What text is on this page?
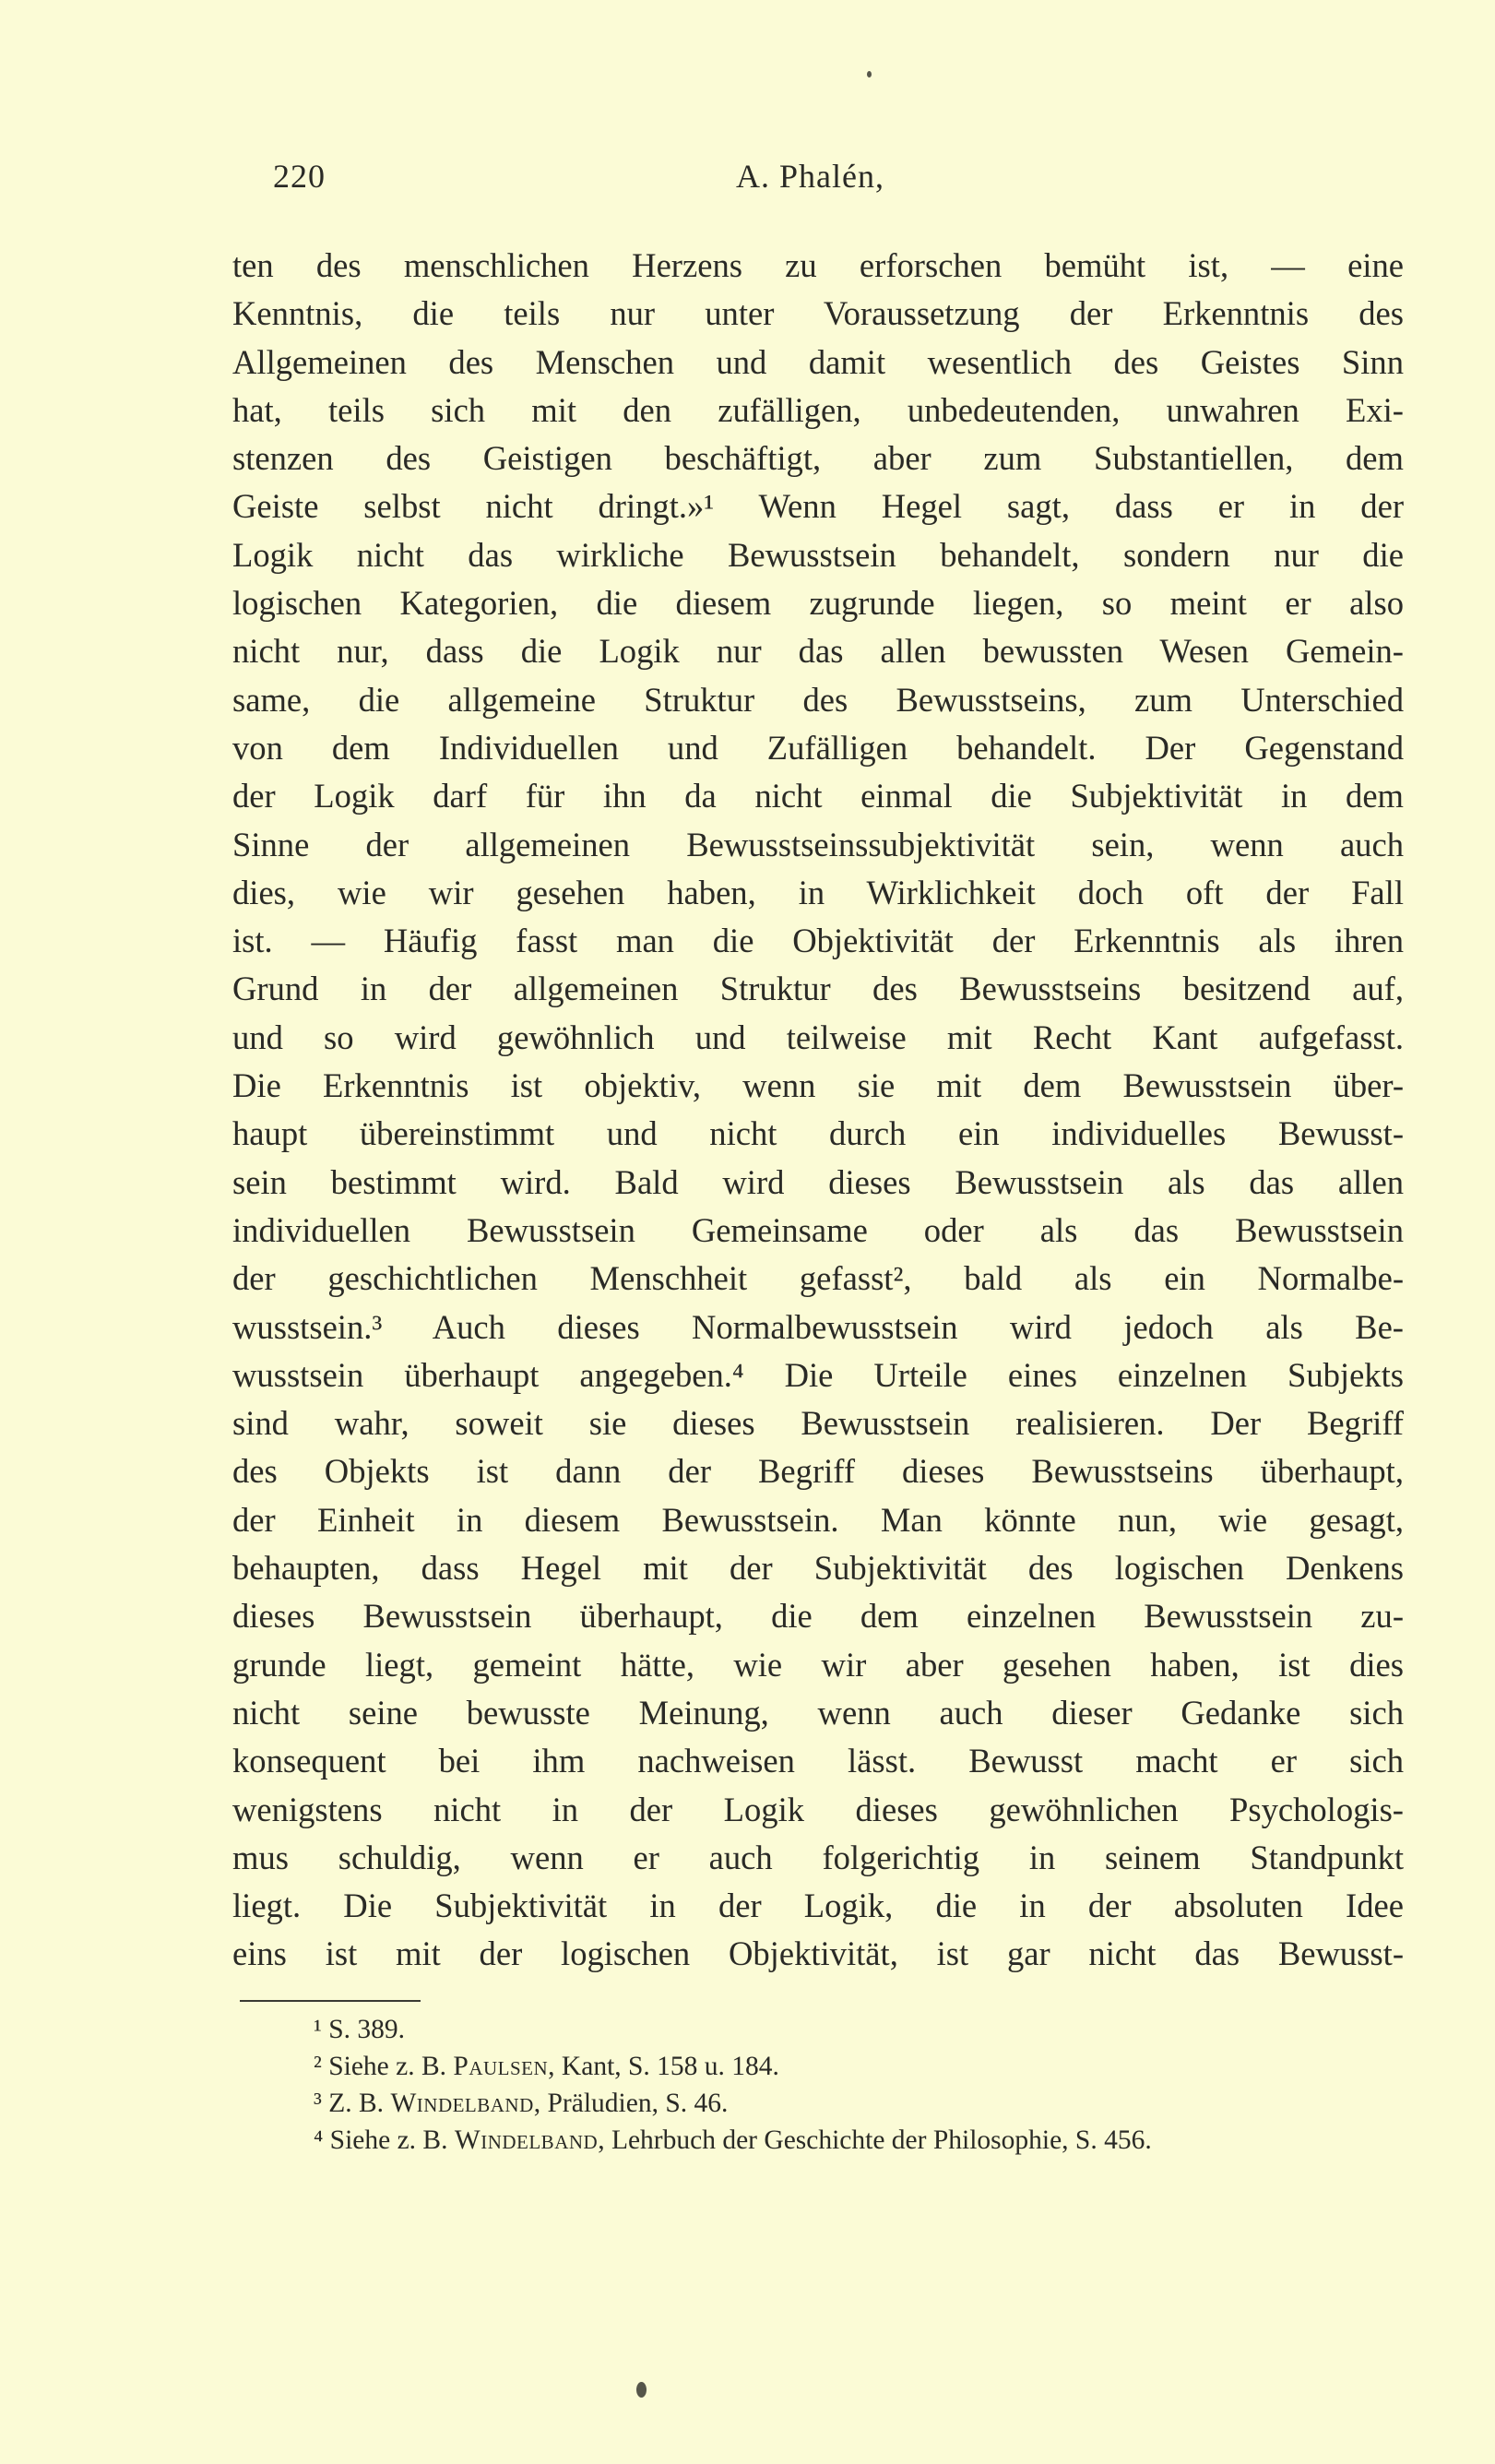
220	A. Phalén,
ten des menschlichen Herzens zu erforschen bemüht ist, — eine
Kenntnis, die teils nur unter Voraussetzung der Erkenntnis des
Allgemeinen des Menschen und damit wesentlich des Geistes Sinn
hat, teils sich mit den zufälligen, unbedeutenden, unwahren Exi-
stenzen des Geistigen beschäftigt, aber zum Substantiellen, dem
Geiste selbst nicht dringt.»¹ Wenn Hegel sagt, dass er in der
Logik nicht das wirkliche Bewusstsein behandelt, sondern nur die
logischen Kategorien, die diesem zugrunde liegen, so meint er also
nicht nur, dass die Logik nur das allen bewussten Wesen Gemein-
same, die allgemeine Struktur des Bewusstseins, zum Unterschied
von dem Individuellen und Zufälligen behandelt. Der Gegenstand
der Logik darf für ihn da nicht einmal die Subjektivität in dem
Sinne der allgemeinen Bewusstseinssubjektivität sein, wenn auch
dies, wie wir gesehen haben, in Wirklichkeit doch oft der Fall
ist. — Häufig fasst man die Objektivität der Erkenntnis als ihren
Grund in der allgemeinen Struktur des Bewusstseins besitzend auf,
und so wird gewöhnlich und teilweise mit Recht Kant aufgefasst.
Die Erkenntnis ist objektiv, wenn sie mit dem Bewusstsein über-
haupt übereinstimmt und nicht durch ein individuelles Bewusst-
sein bestimmt wird. Bald wird dieses Bewusstsein als das allen
individuellen Bewusstsein Gemeinsame oder als das Bewusstsein
der geschichtlichen Menschheit gefasst², bald als ein Normalbe-
wusstsein.³ Auch dieses Normalbewusstsein wird jedoch als Be-
wusstsein überhaupt angegeben.⁴ Die Urteile eines einzelnen Subjekts
sind wahr, soweit sie dieses Bewusstsein realisieren. Der Begriff
des Objekts ist dann der Begriff dieses Bewusstseins überhaupt,
der Einheit in diesem Bewusstsein. Man könnte nun, wie gesagt,
behaupten, dass Hegel mit der Subjektivität des logischen Denkens
dieses Bewusstsein überhaupt, die dem einzelnen Bewusstsein zu-
grunde liegt, gemeint hätte, wie wir aber gesehen haben, ist dies
nicht seine bewusste Meinung, wenn auch dieser Gedanke sich
konsequent bei ihm nachweisen lässt. Bewusst macht er sich
wenigstens nicht in der Logik dieses gewöhnlichen Psychologis-
mus schuldig, wenn er auch folgerichtig in seinem Standpunkt
liegt. Die Subjektivität in der Logik, die in der absoluten Idee
eins ist mit der logischen Objektivität, ist gar nicht das Bewusst-
¹ S. 389.
² Siehe z. B. Paulsen, Kant, S. 158 u. 184.
³ Z. B. Windelband, Präludien, S. 46.
⁴ Siehe z. B. Windelband, Lehrbuch der Geschichte der Philosophie, S. 456.
